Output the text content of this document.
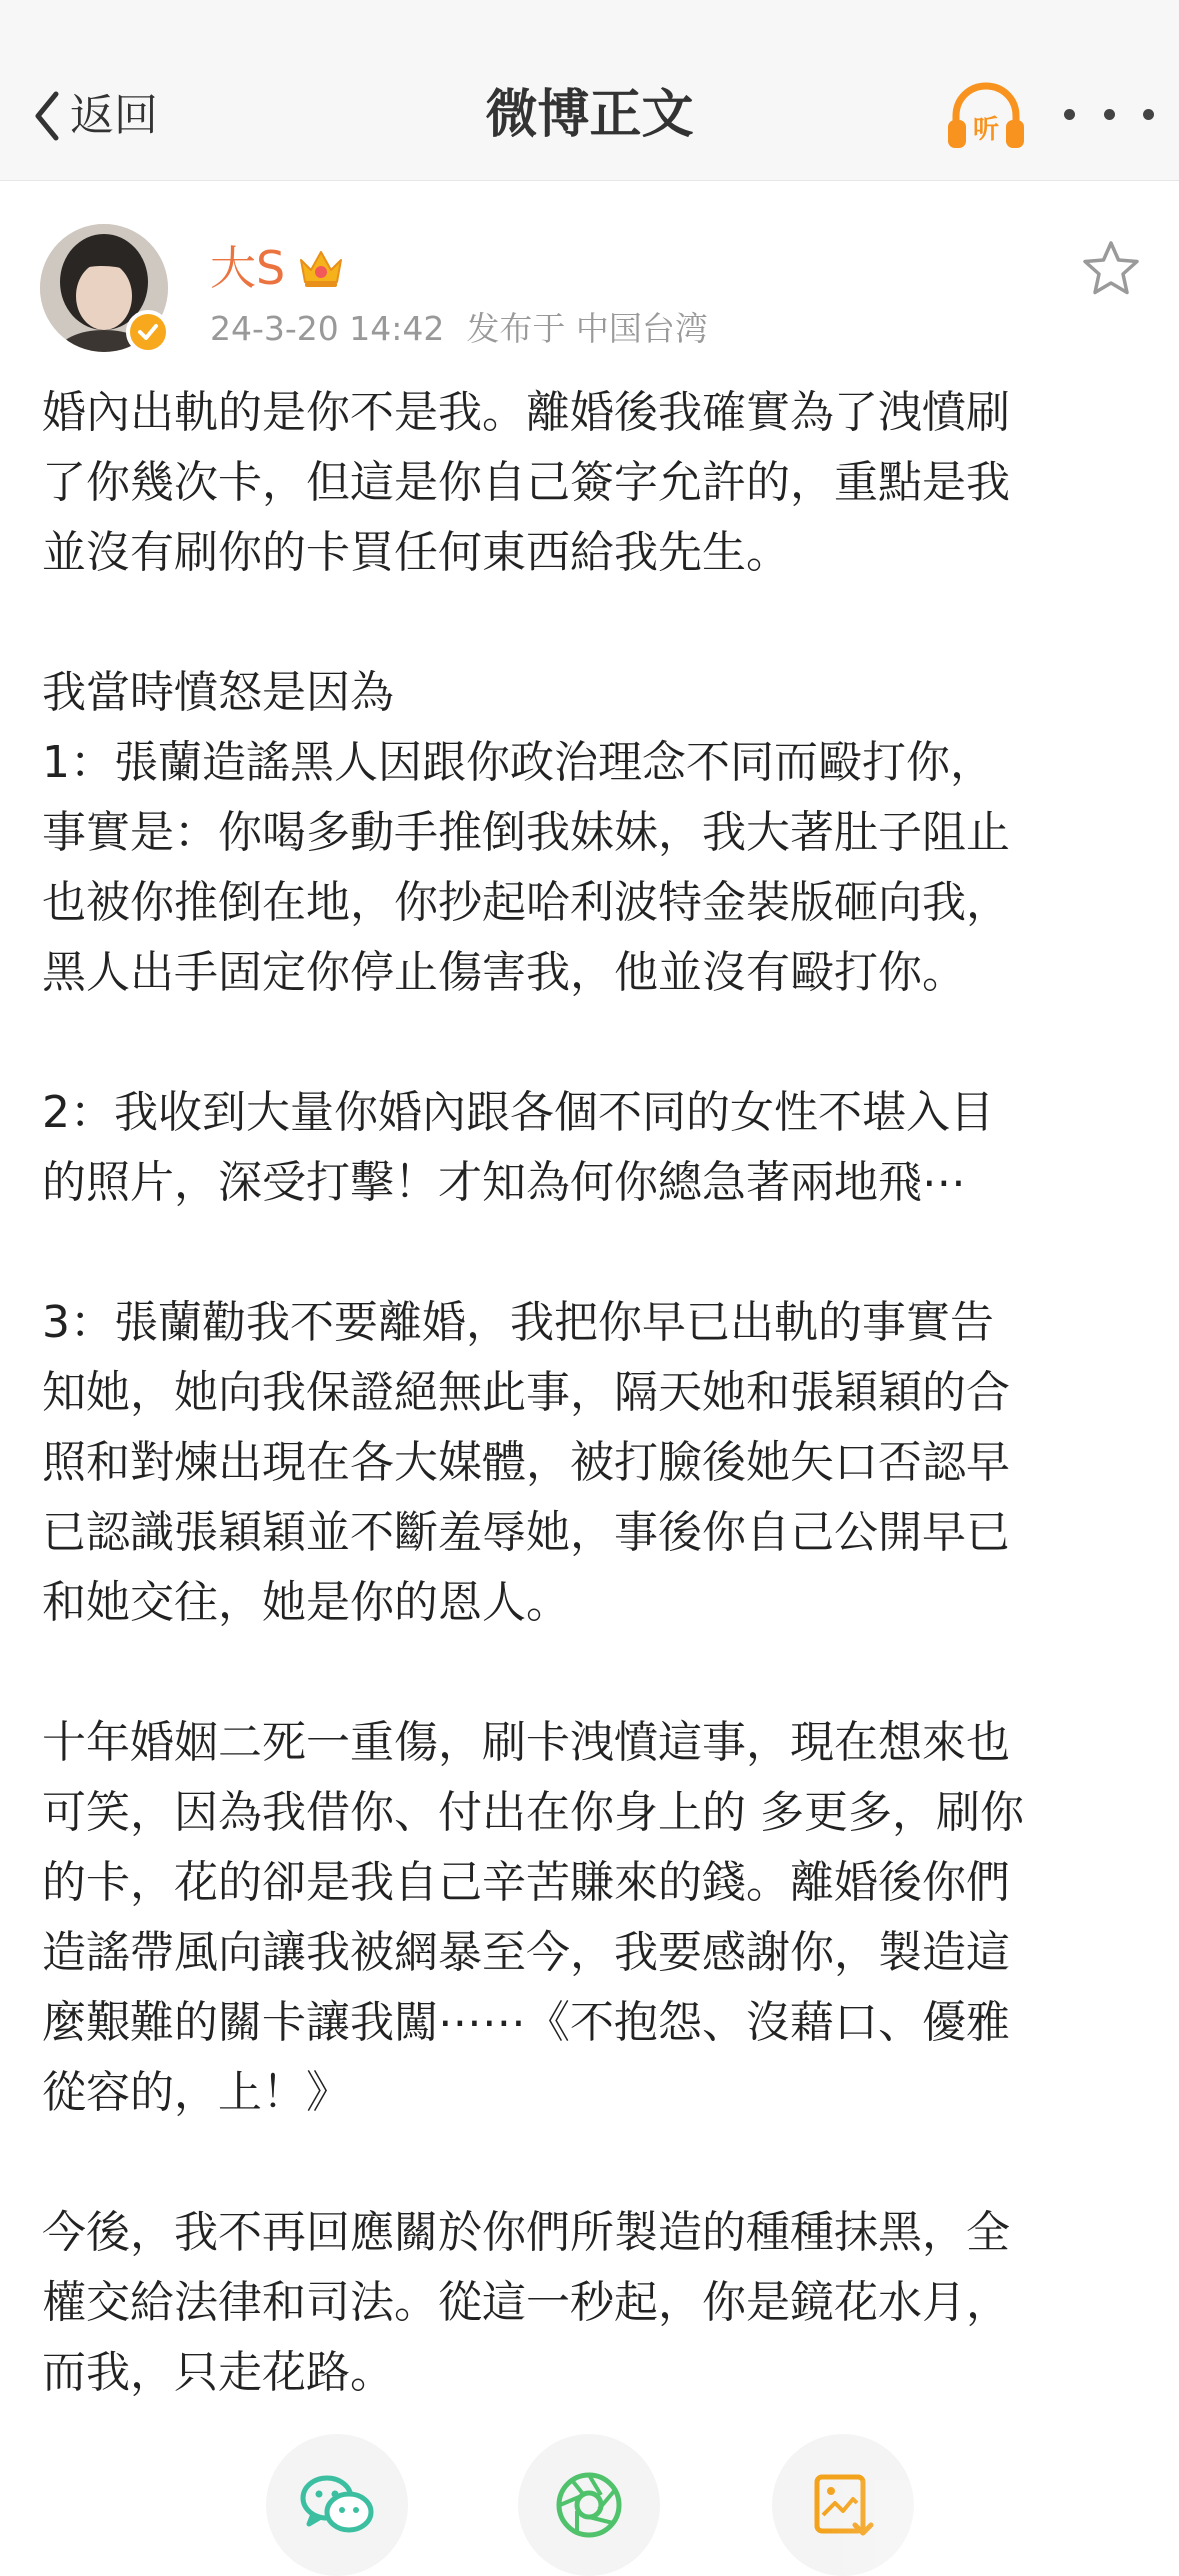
返回	微博正文	听
大S
24-3-20 14:42 发布于 中国台湾
婚內出軌的是你不是我。離婚後我確實為了洩憤刷
了你幾次卡，但這是你自己簽字允許的，重點是我
並沒有刷你的卡買任何東西給我先生。
我當時憤怒是因為
1：張蘭造謠黑人因跟你政治理念不同而毆打你，
事實是：你喝多動手推倒我妹妹，我大著肚子阻止
也被你推倒在地，你抄起哈利波特金裝版砸向我，
黑人出手固定你停止傷害我，他並沒有毆打你。
2：我收到大量你婚內跟各個不同的女性不堪入目
的照片，深受打擊！才知為何你總急著兩地飛⋯
3：張蘭勸我不要離婚，我把你早已出軌的事實告
知她，她向我保證絕無此事，隔天她和張穎穎的合
照和對煉出現在各大媒體，被打臉後她矢口否認早
已認識張穎穎並不斷羞辱她，事後你自己公開早已
和她交往，她是你的恩人。
十年婚姻二死一重傷，刷卡洩憤這事，現在想來也
可笑，因為我借你、付出在你身上的 多更多，刷你
的卡，花的卻是我自己辛苦賺來的錢。離婚後你們
造謠帶風向讓我被網暴至今，我要感謝你，製造這
麼艱難的關卡讓我闖⋯⋯《不抱怨、沒藉口、優雅
從容的，上！》
今後，我不再回應關於你們所製造的種種抹黑，全
權交給法律和司法。從這一秒起，你是鏡花水月，
而我，只走花路。
